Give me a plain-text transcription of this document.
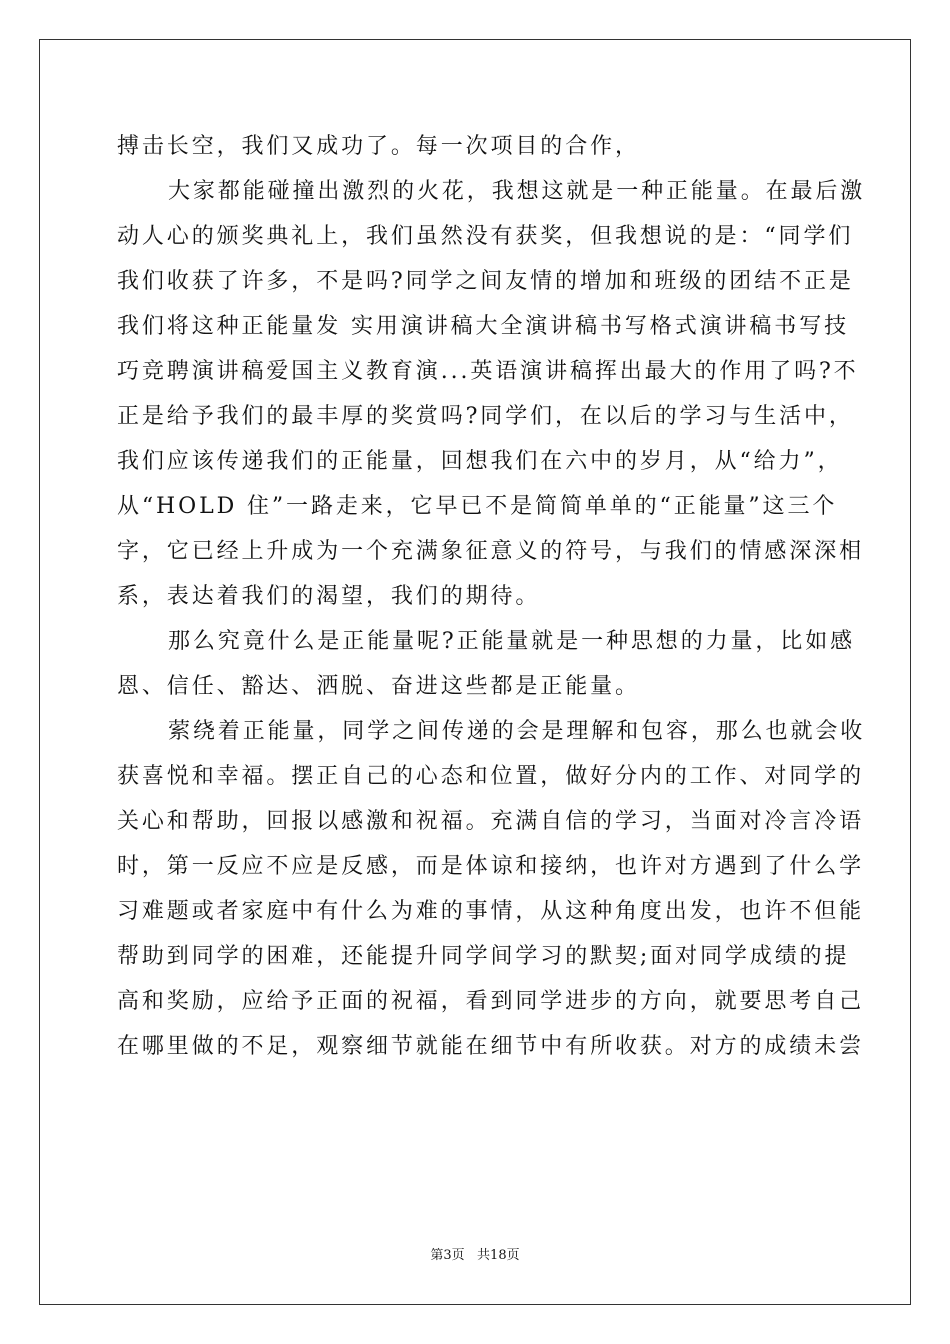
搏击长空，我们又成功了。每一次项目的合作，
大家都能碰撞出激烈的火花，我想这就是一种正能量。在最后激
动人心的颁奖典礼上，我们虽然没有获奖，但我想说的是：“同学们
我们收获了许多，不是吗?同学之间友情的增加和班级的团结不正是
我们将这种正能量发 实用演讲稿大全演讲稿书写格式演讲稿书写技
巧竞聘演讲稿爱国主义教育演...英语演讲稿挥出最大的作用了吗?不
正是给予我们的最丰厚的奖赏吗?同学们，在以后的学习与生活中，
我们应该传递我们的正能量，回想我们在六中的岁月，从“给力”，
从“HOLD 住”一路走来，它早已不是简简单单的“正能量”这三个
字，它已经上升成为一个充满象征意义的符号，与我们的情感深深相
系，表达着我们的渴望，我们的期待。
那么究竟什么是正能量呢?正能量就是一种思想的力量，比如感
恩、信任、豁达、洒脱、奋进这些都是正能量。
萦绕着正能量，同学之间传递的会是理解和包容，那么也就会收
获喜悦和幸福。摆正自己的心态和位置，做好分内的工作、对同学的
关心和帮助，回报以感激和祝福。充满自信的学习，当面对冷言冷语
时，第一反应不应是反感，而是体谅和接纳，也许对方遇到了什么学
习难题或者家庭中有什么为难的事情，从这种角度出发，也许不但能
帮助到同学的困难，还能提升同学间学习的默契;面对同学成绩的提
高和奖励，应给予正面的祝福，看到同学进步的方向，就要思考自己
在哪里做的不足，观察细节就能在细节中有所收获。对方的成绩未尝
第3页   共18页
